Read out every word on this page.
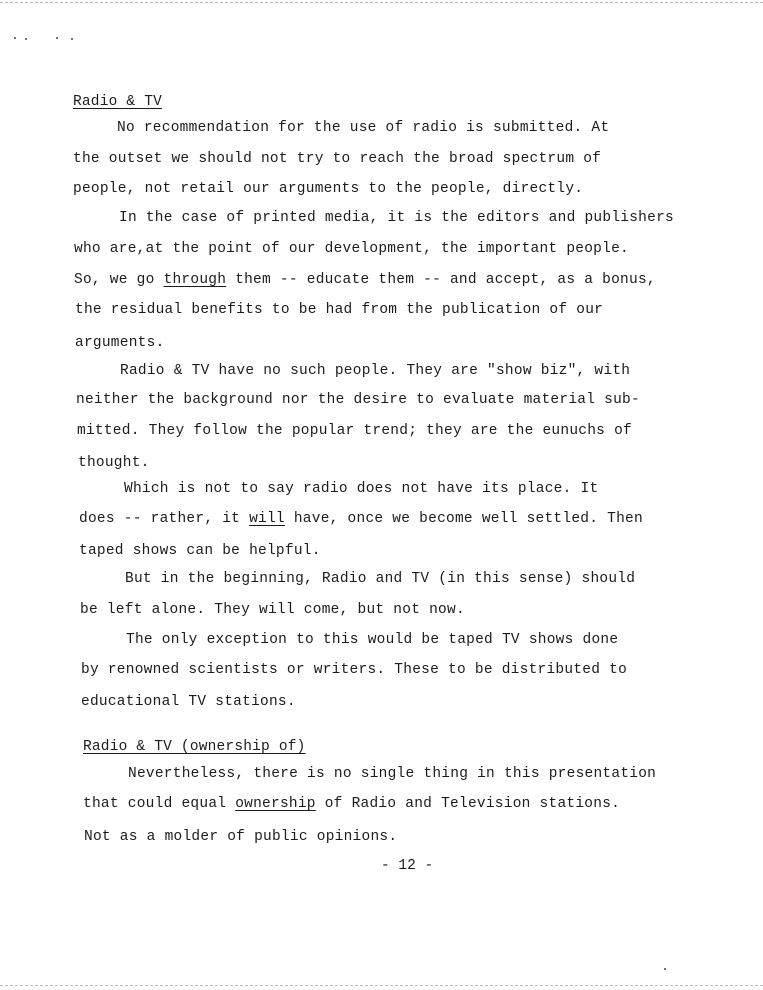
Radio & TV
No recommendation for the use of radio is submitted. At
the outset we should not try to reach the broad spectrum of
people, not retail our arguments to the people, directly.
In the case of printed media, it is the editors and publishers
who are,at the point of our development, the important people.
So, we go through them -- educate them -- and accept, as a bonus,
the residual benefits to be had from the publication of our
arguments.
Radio & TV have no such people. They are "show biz", with
neither the background nor the desire to evaluate material sub-
mitted. They follow the popular trend; they are the eunuchs of
thought.
Which is not to say radio does not have its place. It
does -- rather, it will have, once we become well settled. Then
taped shows can be helpful.
But in the beginning, Radio and TV (in this sense) should
be left alone. They will come, but not now.
The only exception to this would be taped TV shows done
by renowned scientists or writers. These to be distributed to
educational TV stations.
Radio & TV (ownership of)
Nevertheless, there is no single thing in this presentation
that could equal ownership of Radio and Television stations.
Not as a molder of public opinions.
- 12 -
